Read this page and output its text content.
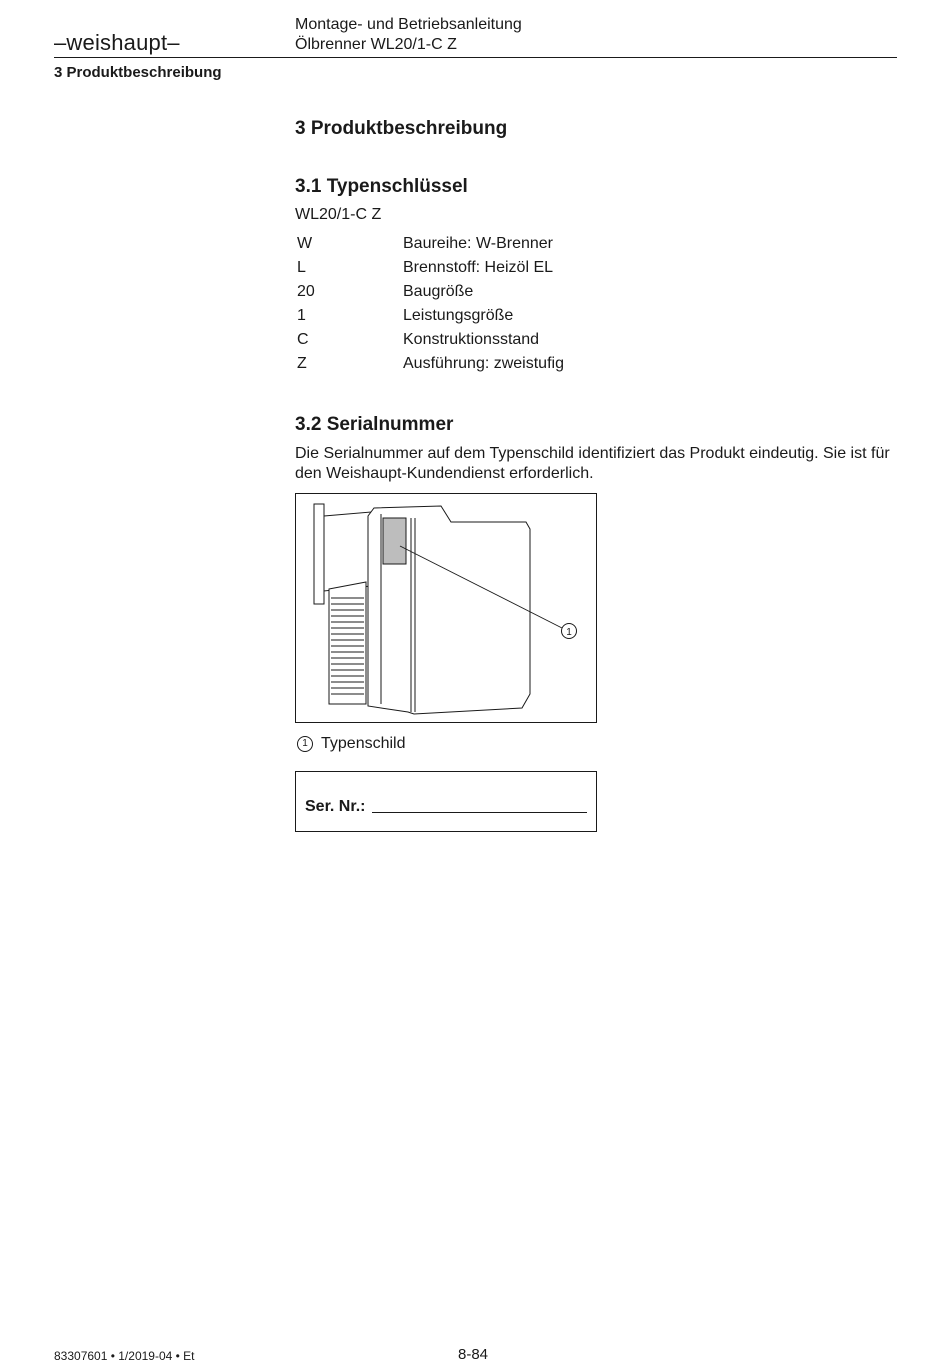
–weishaupt–
Montage- und Betriebsanleitung
Ölbrenner WL20/1-C Z
3 Produktbeschreibung
3 Produktbeschreibung
3.1 Typenschlüssel
WL20/1-C Z
W	Baureihe: W-Brenner
L	Brennstoff: Heizöl EL
20	Baugröße
1	Leistungsgröße
C	Konstruktionsstand
Z	Ausführung: zweistufig
3.2 Serialnummer
Die Serialnummer auf dem Typenschild identifiziert das Produkt eindeutig. Sie ist für den Weishaupt-Kundendienst erforderlich.
1
1 Typenschild
Ser. Nr.:
83307601 • 1/2019-04 • Et	8-84
